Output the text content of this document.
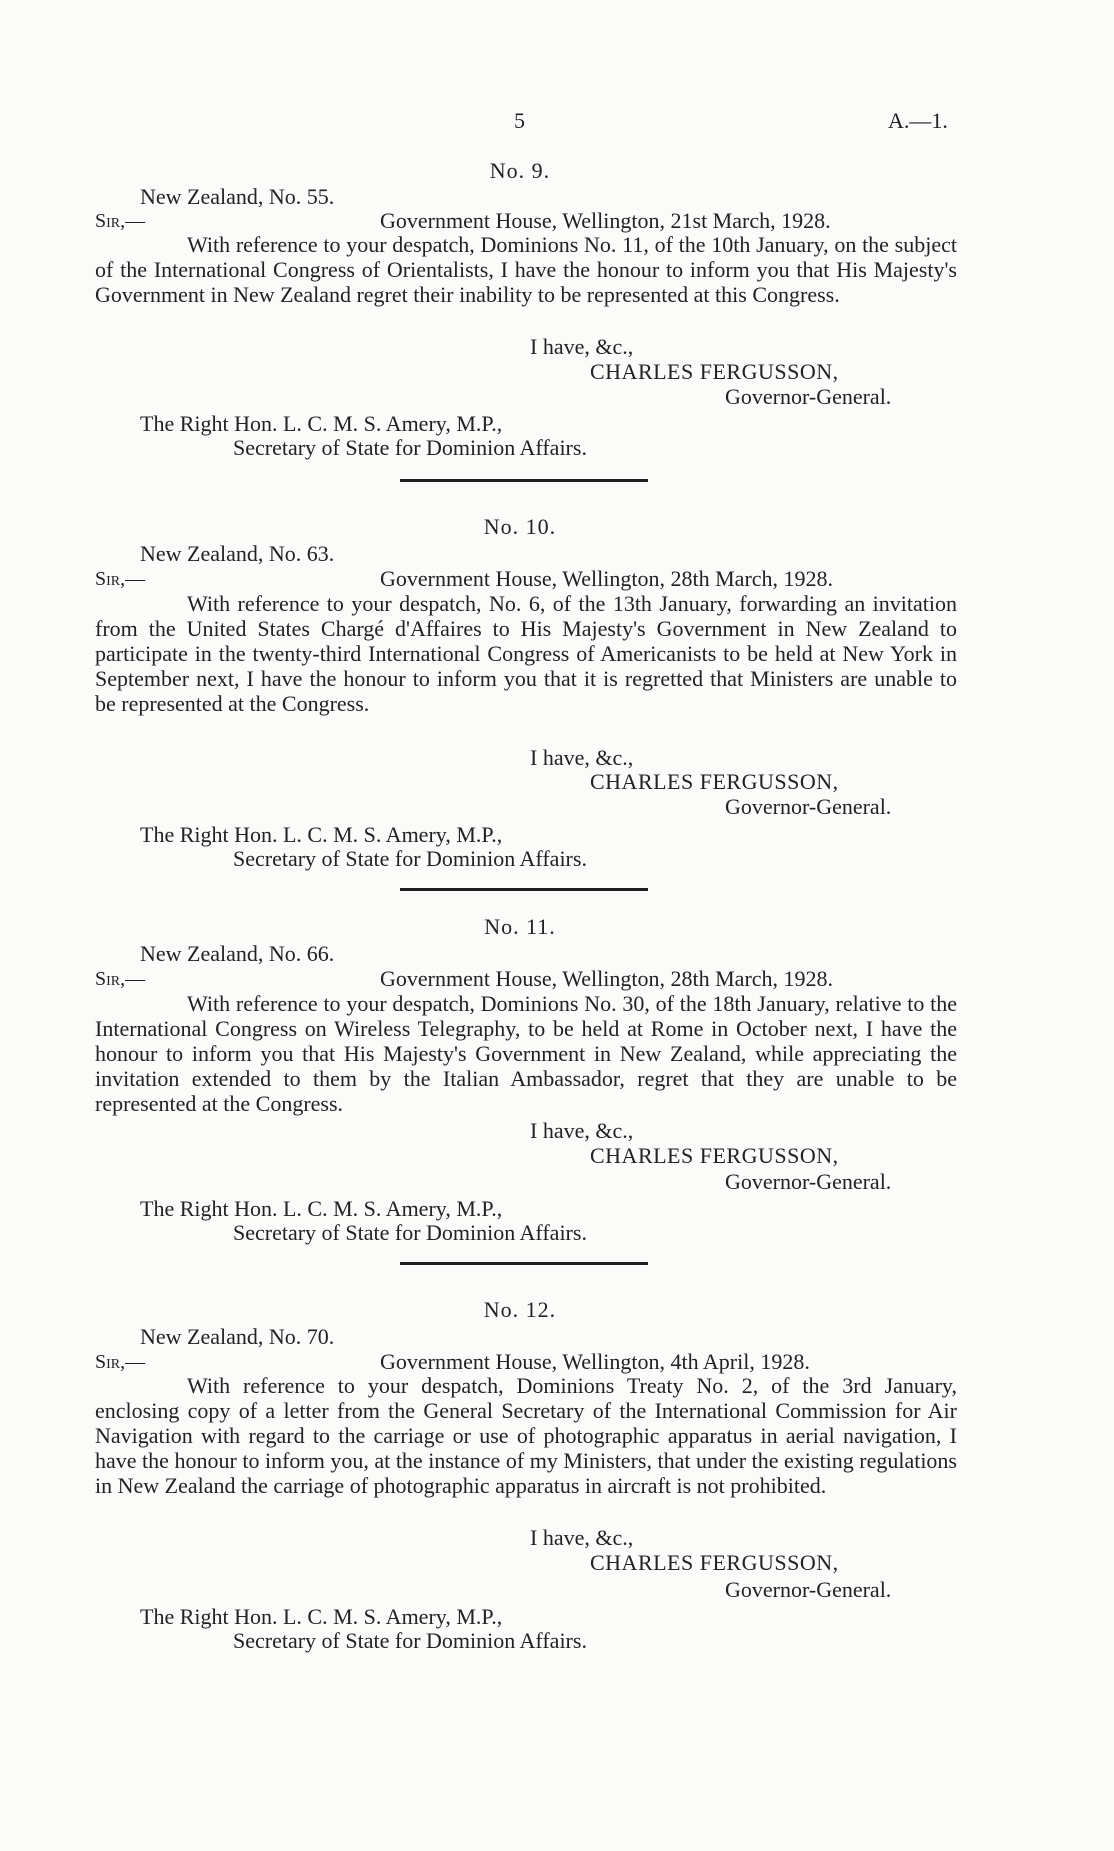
5	A.—1.
No. 9.
New Zealand, No. 55.
Sir,—	Government House, Wellington, 21st March, 1928.

With reference to your despatch, Dominions No. 11, of the 10th January, on the subject of the International Congress of Orientalists, I have the honour to inform you that His Majesty's Government in New Zealand regret their inability to be represented at this Congress.

I have, &c.,
CHARLES FERGUSSON,
Governor-General.
The Right Hon. L. C. M. S. Amery, M.P.,
Secretary of State for Dominion Affairs.
No. 10.
New Zealand, No. 63.
Sir,—	Government House, Wellington, 28th March, 1928.

With reference to your despatch, No. 6, of the 13th January, forwarding an invitation from the United States Chargé d'Affaires to His Majesty's Government in New Zealand to participate in the twenty-third International Congress of Americanists to be held at New York in September next, I have the honour to inform you that it is regretted that Ministers are unable to be represented at the Congress.

I have, &c.,
CHARLES FERGUSSON,
Governor-General.
The Right Hon. L. C. M. S. Amery, M.P.,
Secretary of State for Dominion Affairs.
No. 11.
New Zealand, No. 66.
Sir,—	Government House, Wellington, 28th March, 1928.

With reference to your despatch, Dominions No. 30, of the 18th January, relative to the International Congress on Wireless Telegraphy, to be held at Rome in October next, I have the honour to inform you that His Majesty's Government in New Zealand, while appreciating the invitation extended to them by the Italian Ambassador, regret that they are unable to be represented at the Congress.

I have, &c.,
CHARLES FERGUSSON,
Governor-General.
The Right Hon. L. C. M. S. Amery, M.P.,
Secretary of State for Dominion Affairs.
No. 12.
New Zealand, No. 70.
Sir,—	Government House, Wellington, 4th April, 1928.

With reference to your despatch, Dominions Treaty No. 2, of the 3rd January, enclosing copy of a letter from the General Secretary of the International Commission for Air Navigation with regard to the carriage or use of photographic apparatus in aerial navigation, I have the honour to inform you, at the instance of my Ministers, that under the existing regulations in New Zealand the carriage of photographic apparatus in aircraft is not prohibited.

I have, &c.,
CHARLES FERGUSSON,
Governor-General.
The Right Hon. L. C. M. S. Amery, M.P.,
Secretary of State for Dominion Affairs.
